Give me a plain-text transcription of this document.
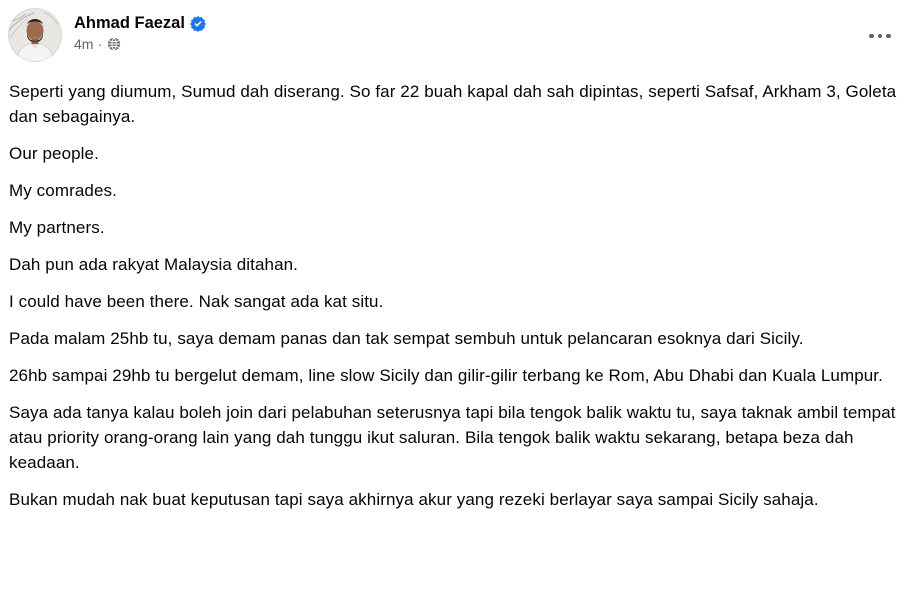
Ahmad Faezal
4m ·

Seperti yang diumum, Sumud dah diserang. So far 22 buah kapal dah sah dipintas, seperti Safsaf, Arkham 3, Goleta dan sebagainya.

Our people.

My comrades.

My partners.

Dah pun ada rakyat Malaysia ditahan.

I could have been there. Nak sangat ada kat situ.

Pada malam 25hb tu, saya demam panas dan tak sempat sembuh untuk pelancaran esoknya dari Sicily.

26hb sampai 29hb tu bergelut demam, line slow Sicily dan gilir-gilir terbang ke Rom, Abu Dhabi dan Kuala Lumpur.

Saya ada tanya kalau boleh join dari pelabuhan seterusnya tapi bila tengok balik waktu tu, saya taknak ambil tempat atau priority orang-orang lain yang dah tunggu ikut saluran. Bila tengok balik waktu sekarang, betapa beza dah keadaan.

Bukan mudah nak buat keputusan tapi saya akhirnya akur yang rezeki berlayar saya sampai Sicily sahaja.
